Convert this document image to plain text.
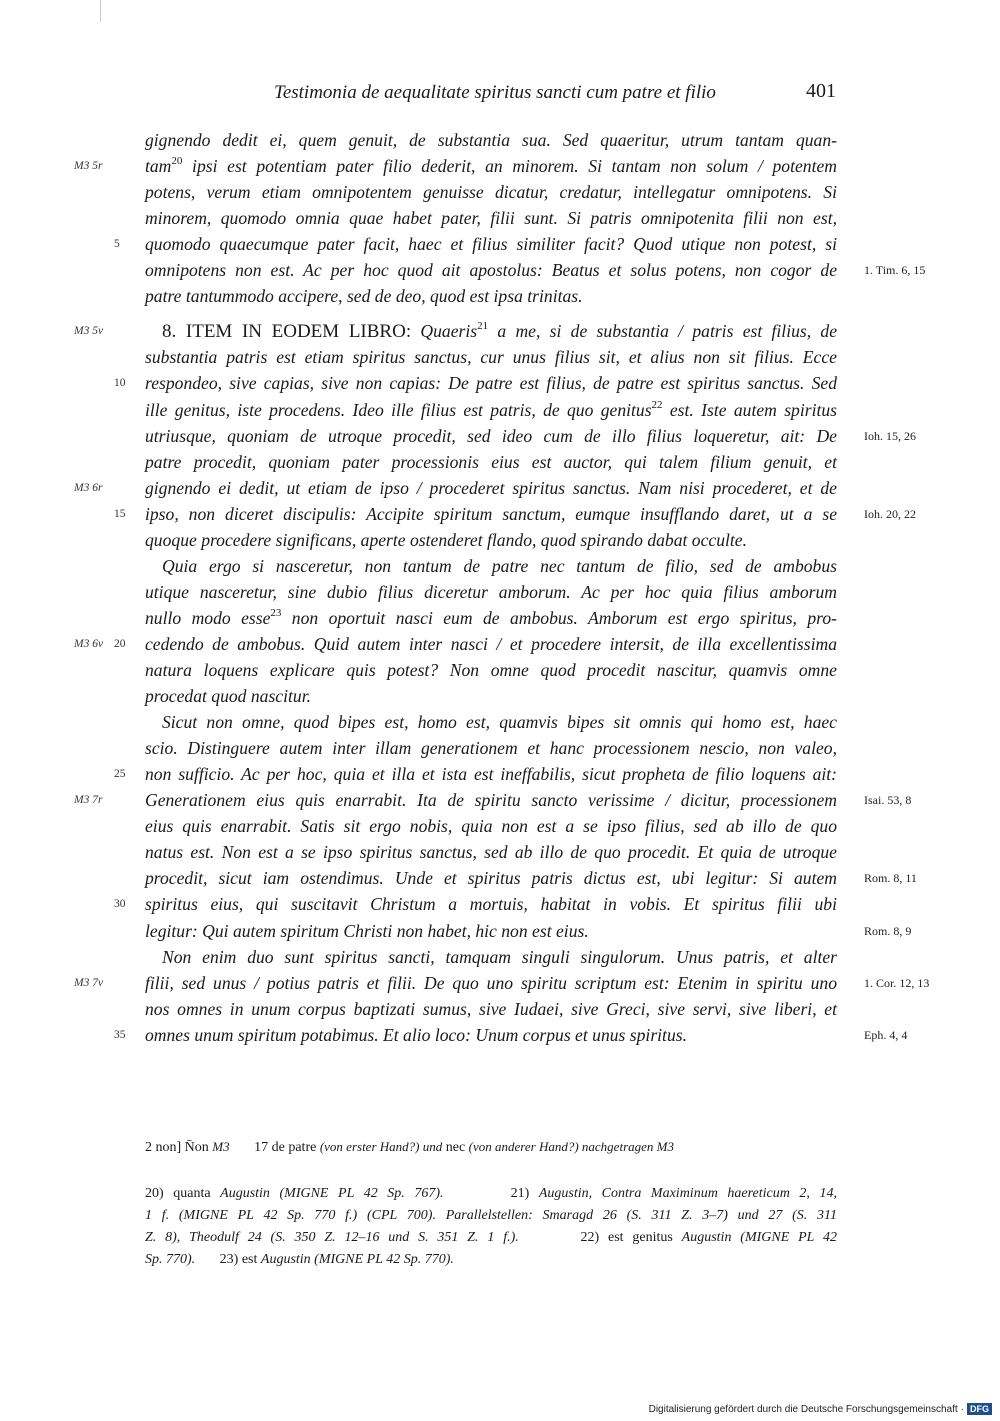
Testimonia de aequalitate spiritus sancti cum patre et filio	401
gignendo dedit ei, quem genuit, de substantia sua. Sed quaeritur, utrum tantam quan-
tam$^{20}$ ipsi est potentiam pater filio dederit, an minorem. Si tantam non solum / potentem
M3 5r
potens, verum etiam omnipotentem genuisse dicatur, credatur, intellegatur omnipotens. Si
minorem, quomodo omnia quae habet pater, filii sunt. Si patris omnipotenita filii non est,
quomodo quaecumque pater facit, haec et filius similiter facit? Quod utique non potest, si
5
omnipotens non est. Ac per hoc quod ait apostolus: Beatus et solus potens, non cogor de 1. Tim. 6, 15
patre tantummodo accipere, sed de deo, quod est ipsa trinitas.
8. ITEM IN EODEM LIBRO: Quaeris$^{21}$ a me, si de substantia / patris est filius, de
M3 5v
substantia patris est etiam spiritus sanctus, cur unus filius sit, et alius non sit filius. Ecce
respondeo, sive capias, sive non capias: De patre est filius, de patre est spiritus sanctus. Sed
10
ille genitus, iste procedens. Ideo ille filius est patris, de quo genitus$^{22}$ est. Iste autem spiritus
utriusque, quoniam de utroque procedit, sed ideo cum de illo filius loqueretur, ait: De Ioh. 15, 26
patre procedit, quoniam pater processionis eius est auctor, qui talem filium genuit, et
gignendo ei dedit, ut etiam de ipso / procederet spiritus sanctus. Nam nisi procederet, et de
M3 6r
ipso, non diceret discipulis: Accipite spiritum sanctum, eumque insufflando daret, ut a se
15	Ioh. 20, 22
quoque procedere significans, aperte ostenderet flando, quod spirando dabat occulte.
Quia ergo si nasceretur, non tantum de patre nec tantum de filio, sed de ambobus
utique nasceretur, sine dubio filius diceretur amborum. Ac per hoc quia filius amborum
nullo modo esse$^{23}$ non oportuit nasci eum de ambobus. Amborum est ergo spiritus, pro-
cedendo de ambobus. Quid autem inter nasci / et procedere intersit, de illa excellentissima
M3 6v 20
natura loquens explicare quis potest? Non omne quod procedit nascitur, quamvis omne
procedat quod nascitur.
Sicut non omne, quod bipes est, homo est, quamvis bipes sit omnis qui homo est, haec
scio. Distinguere autem inter illam generationem et hanc processionem nescio, non valeo,
non sufficio. Ac per hoc, quia et illa et ista est ineffabilis, sicut propheta de filio loquens ait:
25
Generationem eius quis enarrabit. Ita de spiritu sancto verissime / dicitur, processionem
M3 7r	Isai. 53, 8
eius quis enarrabit. Satis sit ergo nobis, quia non est a se ipso filius, sed ab illo de quo
natus est. Non est a se ipso spiritus sanctus, sed ab illo de quo procedit. Et quia de utroque
procedit, sicut iam ostendimus. Unde et spiritus patris dictus est, ubi legitur: Si autem Rom. 8, 11
spiritus eius, qui suscitavit Christum a mortuis, habitat in vobis. Et spiritus filii ubi
30
legitur: Qui autem spiritum Christi non habet, hic non est eius.	Rom. 8, 9
Non enim duo sunt spiritus sancti, tamquam singuli singulorum. Unus patris, et alter
filii, sed unus / potius patris et filii. De quo uno spiritu scriptum est: Etenim in spiritu uno
M3 7v	1. Cor. 12, 13
nos omnes in unum corpus baptizati sumus, sive Iudaei, sive Greci, sive servi, sive liberi, et
omnes unum spiritum potabimus. Et alio loco: Unum corpus et unus spiritus.
35	Eph. 4, 4
2 non] N̄on M3       17 de patre (von erster Hand?) und nec (von anderer Hand?) nachgetragen M3
20) quanta Augustin (MIGNE PL 42 Sp. 767).       21) Augustin, Contra Maximinum haereticum 2, 14,
1 f. (MIGNE PL 42 Sp. 770 f.) (CPL 700). Parallelstellen: Smaragd 26 (S. 311 Z. 3–7) und 27 (S. 311
Z. 8), Theodulf 24 (S. 350 Z. 12–16 und S. 351 Z. 1 f.).       22) est genitus Augustin (MIGNE PL 42
Sp. 770).       23) est Augustin (MIGNE PL 42 Sp. 770).
Digitalisierung gefördert durch die Deutsche Forschungsgemeinschaft · DFG
